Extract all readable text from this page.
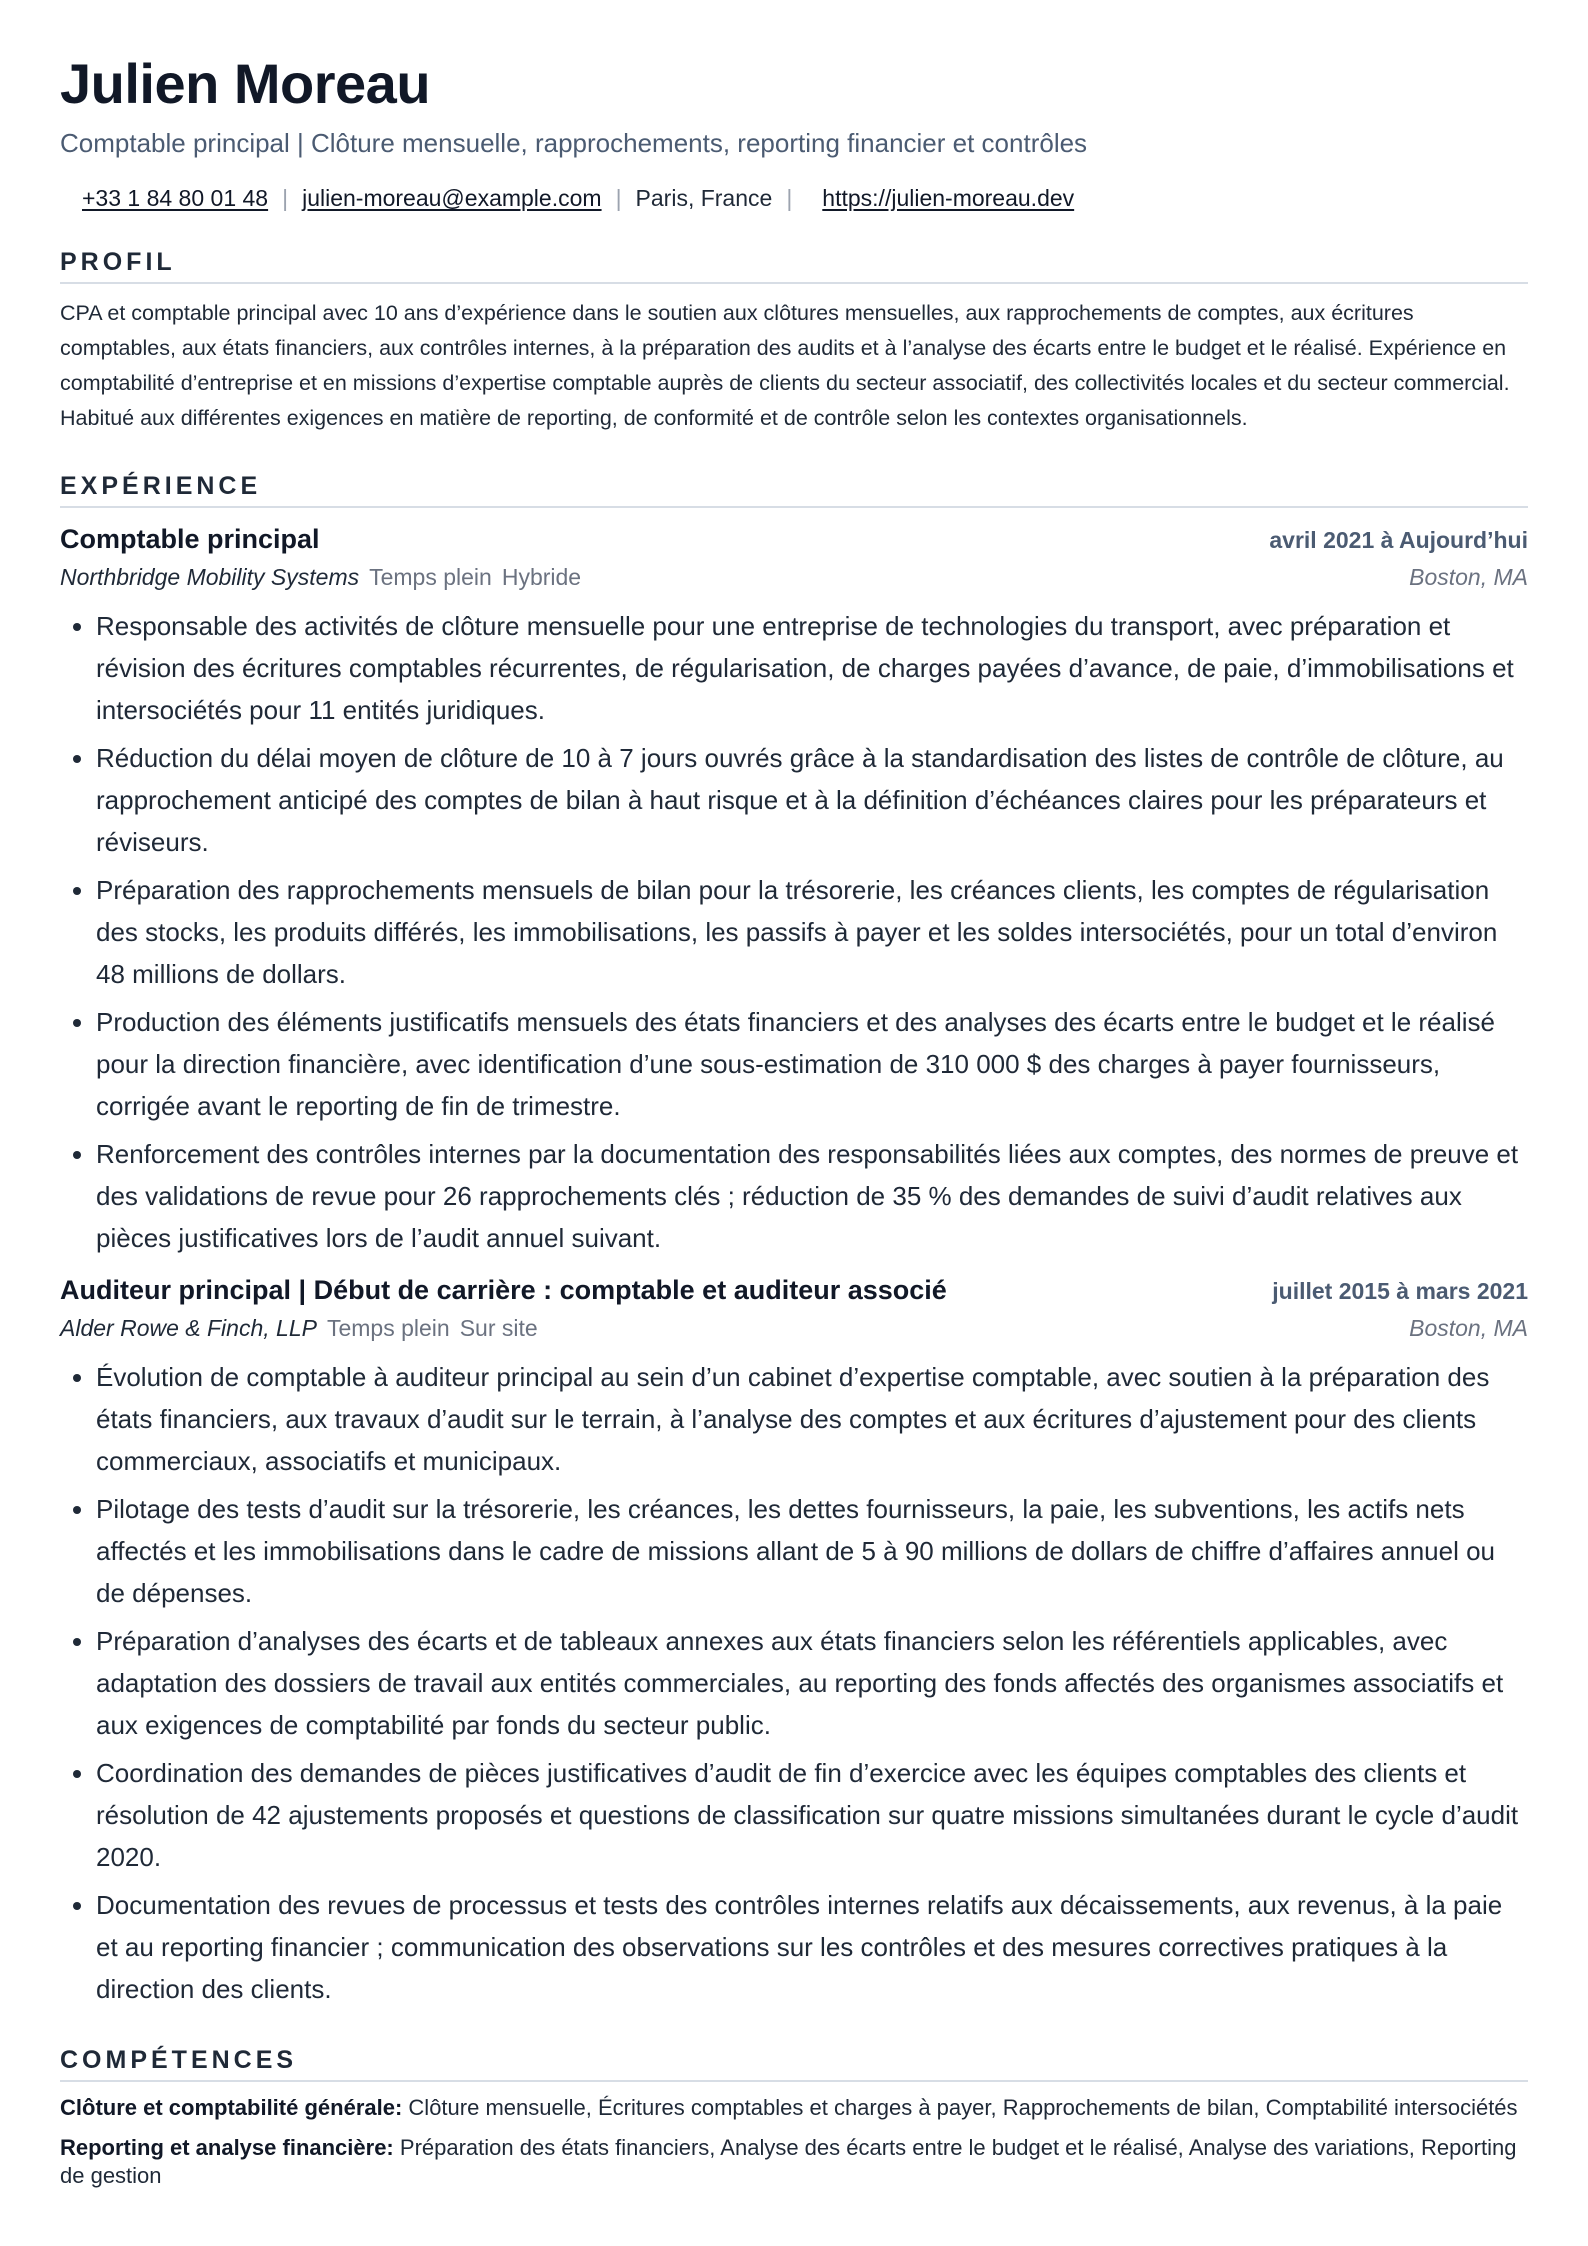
Julien Moreau
Comptable principal | Clôture mensuelle, rapprochements, reporting financier et contrôles
+33 1 84 80 01 48 | julien-moreau@example.com | Paris, France | https://julien-moreau.dev
PROFIL
CPA et comptable principal avec 10 ans d’expérience dans le soutien aux clôtures mensuelles, aux rapprochements de comptes, aux écritures comptables, aux états financiers, aux contrôles internes, à la préparation des audits et à l’analyse des écarts entre le budget et le réalisé. Expérience en comptabilité d’entreprise et en missions d’expertise comptable auprès de clients du secteur associatif, des collectivités locales et du secteur commercial. Habitué aux différentes exigences en matière de reporting, de conformité et de contrôle selon les contextes organisationnels.
EXPÉRIENCE
Comptable principal	avril 2021 à Aujourd’hui
Northbridge Mobility Systems Temps plein Hybride	Boston, MA
• Responsable des activités de clôture mensuelle pour une entreprise de technologies du transport, avec préparation et révision des écritures comptables récurrentes, de régularisation, de charges payées d’avance, de paie, d’immobilisations et intersociétés pour 11 entités juridiques.
• Réduction du délai moyen de clôture de 10 à 7 jours ouvrés grâce à la standardisation des listes de contrôle de clôture, au rapprochement anticipé des comptes de bilan à haut risque et à la définition d’échéances claires pour les préparateurs et réviseurs.
• Préparation des rapprochements mensuels de bilan pour la trésorerie, les créances clients, les comptes de régularisation des stocks, les produits différés, les immobilisations, les passifs à payer et les soldes intersociétés, pour un total d’environ 48 millions de dollars.
• Production des éléments justificatifs mensuels des états financiers et des analyses des écarts entre le budget et le réalisé pour la direction financière, avec identification d’une sous-estimation de 310 000 $ des charges à payer fournisseurs, corrigée avant le reporting de fin de trimestre.
• Renforcement des contrôles internes par la documentation des responsabilités liées aux comptes, des normes de preuve et des validations de revue pour 26 rapprochements clés ; réduction de 35 % des demandes de suivi d’audit relatives aux pièces justificatives lors de l’audit annuel suivant.
Auditeur principal | Début de carrière : comptable et auditeur associé	juillet 2015 à mars 2021
Alder Rowe & Finch, LLP Temps plein Sur site	Boston, MA
• Évolution de comptable à auditeur principal au sein d’un cabinet d’expertise comptable, avec soutien à la préparation des états financiers, aux travaux d’audit sur le terrain, à l’analyse des comptes et aux écritures d’ajustement pour des clients commerciaux, associatifs et municipaux.
• Pilotage des tests d’audit sur la trésorerie, les créances, les dettes fournisseurs, la paie, les subventions, les actifs nets affectés et les immobilisations dans le cadre de missions allant de 5 à 90 millions de dollars de chiffre d’affaires annuel ou de dépenses.
• Préparation d’analyses des écarts et de tableaux annexes aux états financiers selon les référentiels applicables, avec adaptation des dossiers de travail aux entités commerciales, au reporting des fonds affectés des organismes associatifs et aux exigences de comptabilité par fonds du secteur public.
• Coordination des demandes de pièces justificatives d’audit de fin d’exercice avec les équipes comptables des clients et résolution de 42 ajustements proposés et questions de classification sur quatre missions simultanées durant le cycle d’audit 2020.
• Documentation des revues de processus et tests des contrôles internes relatifs aux décaissements, aux revenus, à la paie et au reporting financier ; communication des observations sur les contrôles et des mesures correctives pratiques à la direction des clients.
COMPÉTENCES
Clôture et comptabilité générale: Clôture mensuelle, Écritures comptables et charges à payer, Rapprochements de bilan, Comptabilité intersociétés
Reporting et analyse financière: Préparation des états financiers, Analyse des écarts entre le budget et le réalisé, Analyse des variations, Reporting de gestion
